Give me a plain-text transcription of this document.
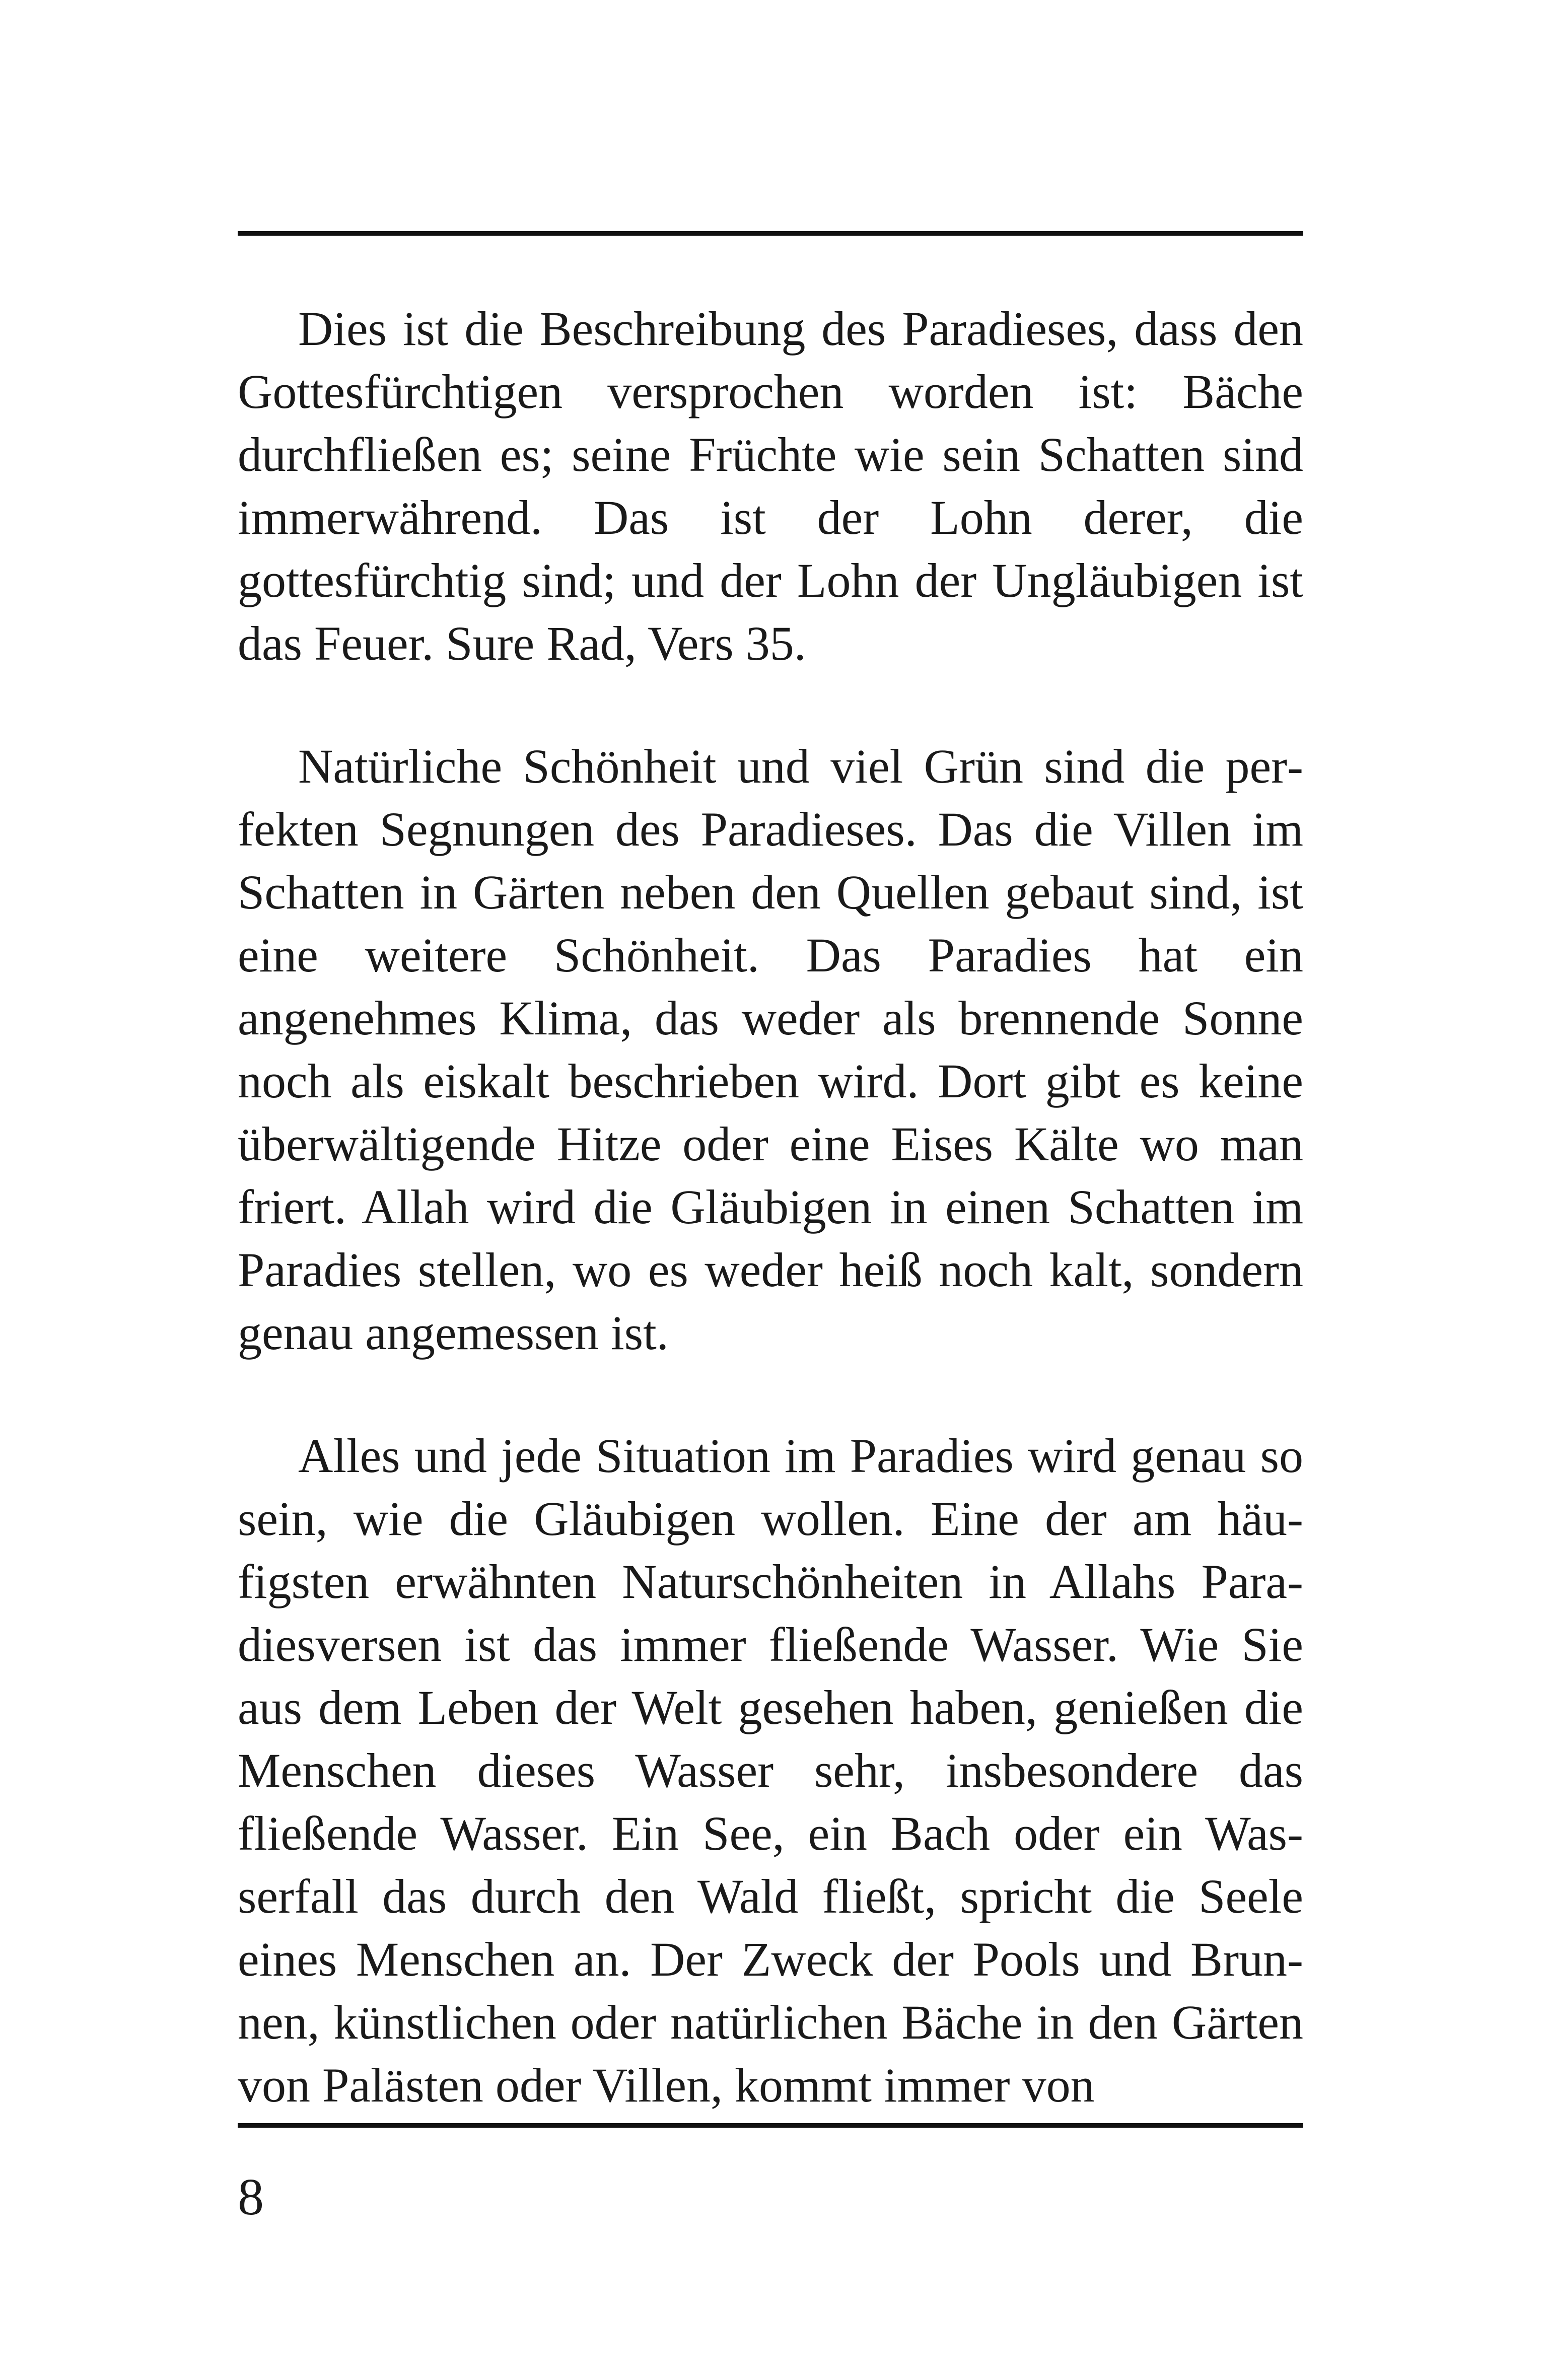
Dies ist die Beschreibung des Paradieses, dass den Gottesfürchtigen versprochen worden ist: Bäche durchfließen es; seine Früchte wie sein Schatten sind immerwährend. Das ist der Lohn derer, die gottesfürchtig sind; und der Lohn der Ungläubigen ist das Feuer. Sure Rad, Vers 35.

Natürliche Schönheit und viel Grün sind die perfekten Segnungen des Paradieses. Das die Villen im Schatten in Gärten neben den Quellen gebaut sind, ist eine weitere Schönheit. Das Paradies hat ein angenehmes Klima, das weder als brennende Sonne noch als eiskalt beschrieben wird. Dort gibt es keine überwältigende Hitze oder eine Eises Kälte wo man friert. Allah wird die Gläubigen in einen Schatten im Paradies stellen, wo es weder heiß noch kalt, sondern genau angemessen ist.

Alles und jede Situation im Paradies wird genau so sein, wie die Gläubigen wollen. Eine der am häufigsten erwähnten Naturschönheiten in Allahs Paradiesversen ist das immer fließende Wasser. Wie Sie aus dem Leben der Welt gesehen haben, genießen die Menschen dieses Wasser sehr, insbesondere das fließende Wasser. Ein See, ein Bach oder ein Wasserfall das durch den Wald fließt, spricht die Seele eines Menschen an. Der Zweck der Pools und Brunnen, künstlichen oder natürlichen Bäche in den Gärten von Palästen oder Villen, kommt immer von

8
